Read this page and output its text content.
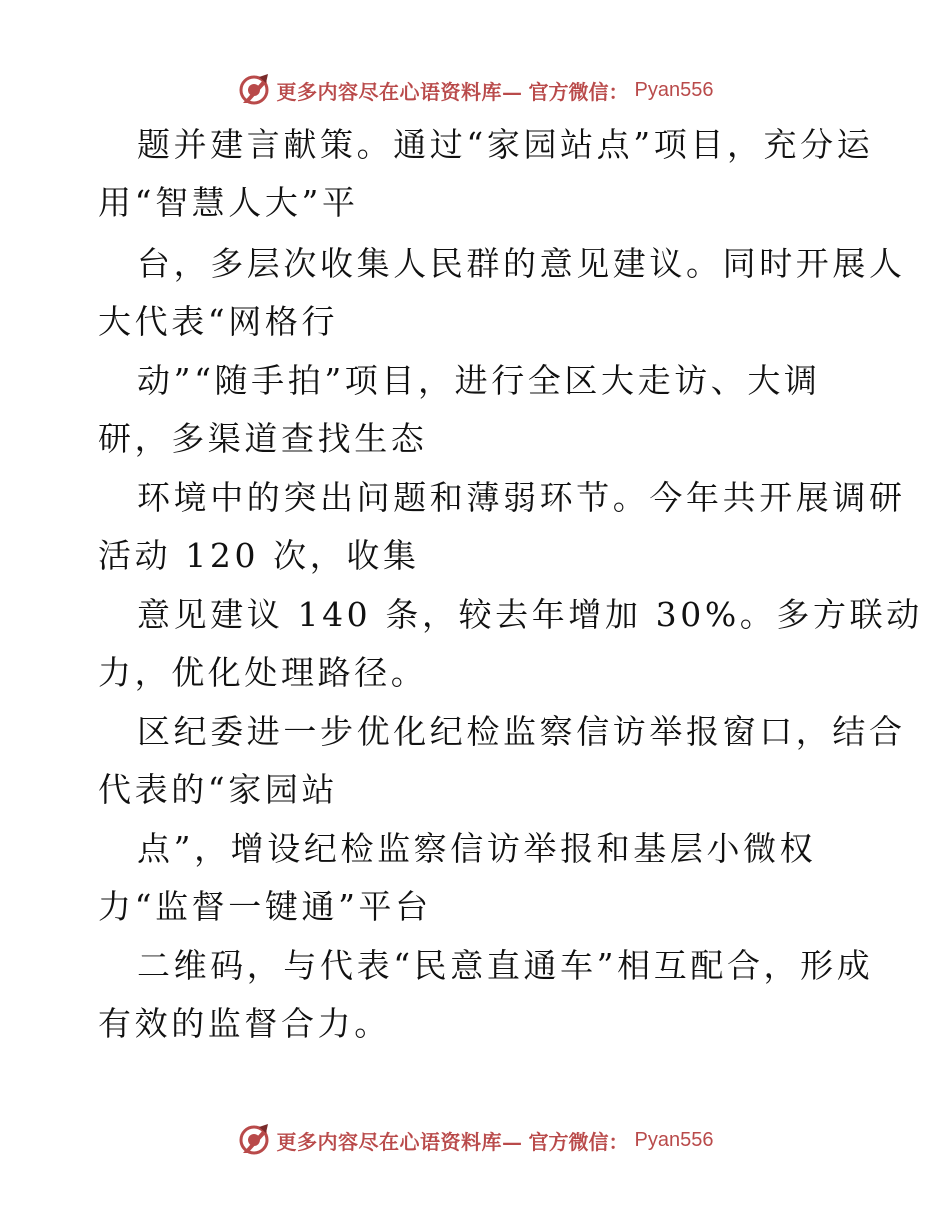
更多内容尽在心语资料库— 官方微信： Pyan556
题并建言献策。通过“家园站点”项目，充分运
用“智慧人大”平
台，多层次收集人民群的意见建议。同时开展人
大代表“网格行
动”“随手拍”项目，进行全区大走访、大调
研，多渠道查找生态
环境中的突出问题和薄弱环节。今年共开展调研
活动 120 次，收集
意见建议 140 条，较去年增加 30%。多方联动
力，优化处理路径。
区纪委进一步优化纪检监察信访举报窗口，结合
代表的“家园站
点”，增设纪检监察信访举报和基层小微权
力“监督一键通”平台
二维码，与代表“民意直通车”相互配合，形成
有效的监督合力。
更多内容尽在心语资料库— 官方微信： Pyan556
